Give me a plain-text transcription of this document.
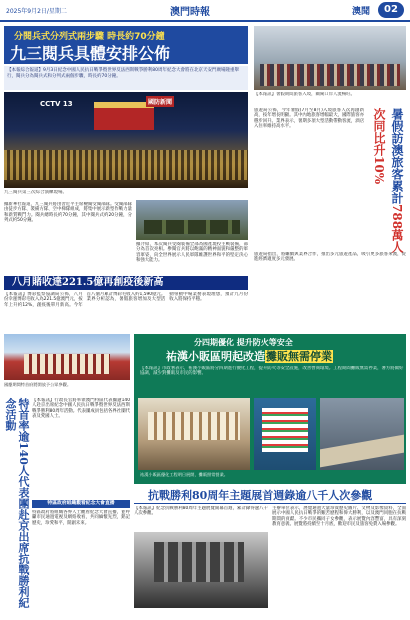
2025年9月2日/星期二	澳門時報	澳聞	02
分閱兵式分列式兩步驟 時長約70分鐘
九三閱兵具體安排公佈
【本報綜合報道】9月3日紀念中國人民抗日戰爭暨世界反法西斯戰爭勝利80周年紀念大會將在北京天安門廣場隆重舉行，閱兵分為閱兵式和分列式兩個步驟，時長約70分鐘。
CCTV 13	國防新聞
九三閱兵第三次綜合演練現場。
據新華社報道，九三閱兵將由習近平主席檢閱受閱部隊。受閱部隊由徒步方隊、裝備方隊、空中梯隊組成，將集中展示新型作戰力量和新質戰鬥力。閱兵總時長約70分鐘，其中閱兵式約20分鐘，分列式約50分鐘。
據介紹，本次閱兵受閱裝備全部為國產現役主戰裝備，部分為首次亮相。參閱官兵將以飽滿的精神面貌和嚴整的軍容軍姿，向全世界展示人民軍隊維護世界和平的堅定決心和強大能力。
【本報訊】暑假期間旅客入境，關閘口岸人流暢旺。
旅遊局公佈，今年暑假(7月至8月)入境旅客人次再創新高，按年增長明顯。其中內地旅客增幅最大，國際旅客亦穩步回升。業界表示，暑期多項大型活動帶動客流，酒店入住率維持高水平。	暑假訪澳旅客累計788萬人次同比升10%
旅遊局指出，將繼續與業界合作，推出多元旅遊產品，吸引更多旅客來澳，促進經濟適度多元發展。
八月賭收達221.5億再創疫後新高
【本報訊】博彩監察協調局公佈，八月份幸運博彩毛收入為221.5億澳門元，按年上升約12%，創疫後單月新高。今年首八個月累計博彩毛收入約1,590億元。業界分析認為，暑假旅客增加及大型活動帶動中場業務表現理想，預計九月份收入將保持平穩。
分四期優化 提升防火等安全
祐漢小販區明起改造攤販無需停業
【本報訊】市政署表示，祐漢小販區將分四期進行優化工程，提升防火等安全設施，改善營商環境。工程期間攤販無需停業，署方將做好協調，減少對攤販及市民的影響。
祐漢小販區優化工程明日展開，攤販照常營業。
國慶期間特首府將開放予公眾參觀。
特首率逾140人代表團赴京出席抗戰勝利紀念活動	【本報訊】行政長官將率領澳門特區代表團逾140人赴京出席紀念中國人民抗日戰爭暨世界反法西斯戰爭勝利80周年活動。代表團成員包括各界社團代表及愛國人士。
特區政府組織觀看紀念大會直播
特區政府將組織各界人士觀看紀念大會直播，並呼籲市民通過電視及網絡收看，共同緬懷先烈，銘記歷史，珍愛和平，開創未來。
抗戰勝利80周年主題展首週錄逾八千人次參觀
【本報訊】紀念抗戰勝利80周年主題展覽開幕首週，累計錄得逾八千人次參觀。
主辦單位表示，展覽通過大量珍貴歷史圖片、文物及影像資料，全面展示中國人民抗日戰爭的艱苦歷程和偉大勝利，以及澳門同胞在抗戰期間的貢獻。不少市民攜同子女參觀，表示展覽內容豐富，具有深刻教育意義。展覽將持續至十月底，歡迎市民及旅客免費入場參觀。
